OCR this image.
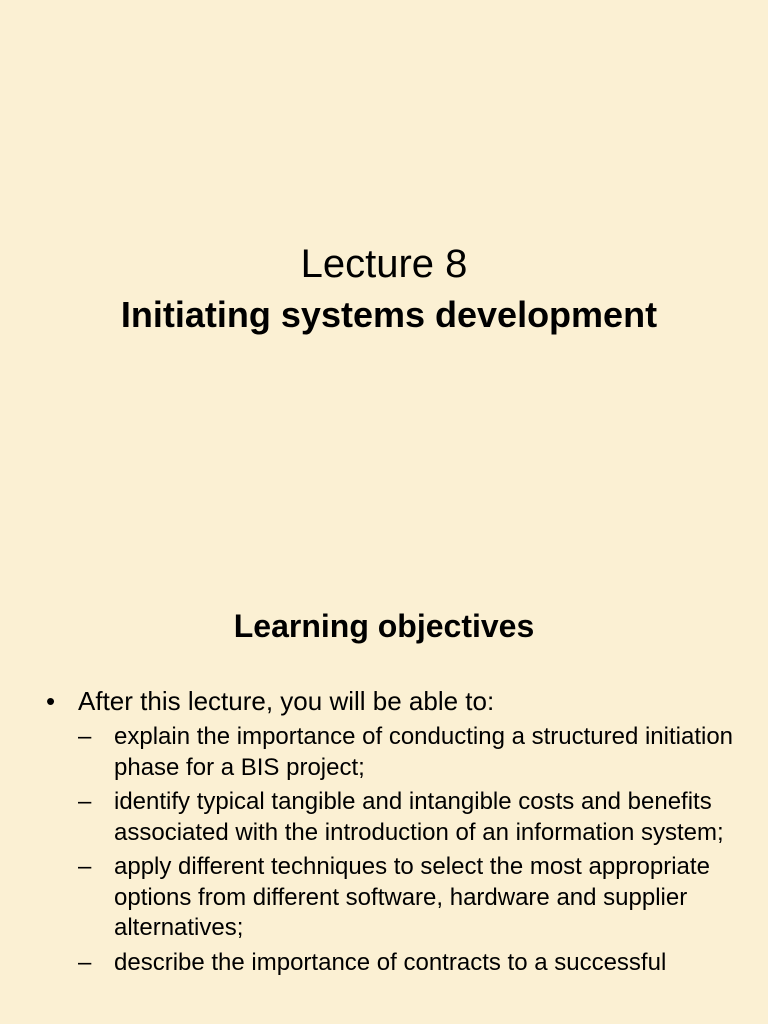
Lecture 8
Initiating systems development
Learning objectives
• After this lecture, you will be able to:
– explain the importance of conducting a structured initiation phase for a BIS project;
– identify typical tangible and intangible costs and benefits associated with the introduction of an information system;
– apply different techniques to select the most appropriate options from different software, hardware and supplier alternatives;
– describe the importance of contracts to a successful
